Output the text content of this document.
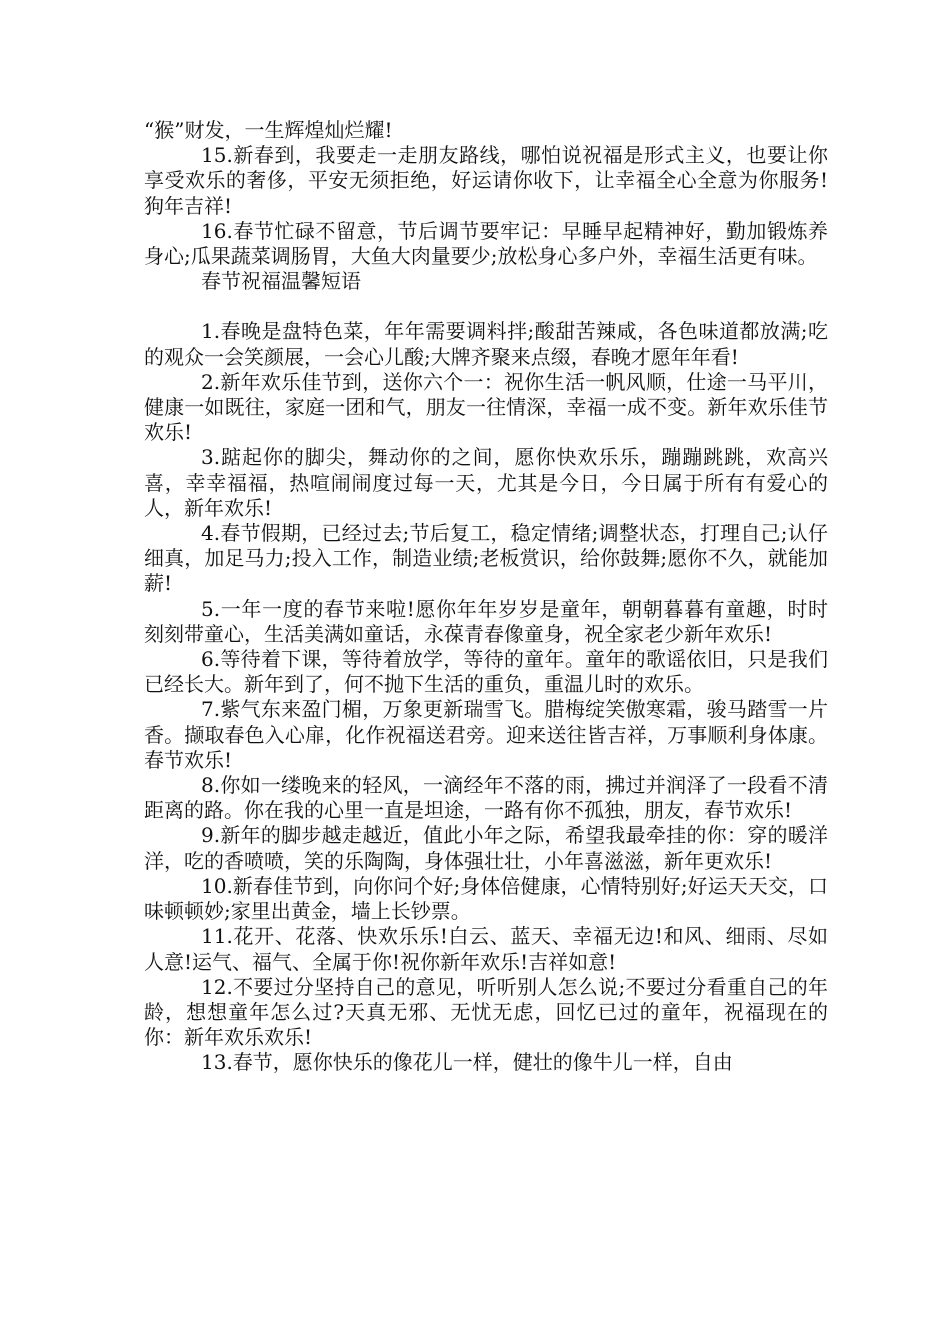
“猴”财发，一生辉煌灿烂耀!

15.新春到，我要走一走朋友路线，哪怕说祝福是形式主义，也要让你享受欢乐的奢侈，平安无须拒绝，好运请你收下，让幸福全心全意为你服务!狗年吉祥!

16.春节忙碌不留意，节后调节要牢记：早睡早起精神好，勤加锻炼养身心;瓜果蔬菜调肠胃，大鱼大肉量要少;放松身心多户外，幸福生活更有味。

春节祝福温馨短语

1.春晚是盘特色菜，年年需要调料拌;酸甜苦辣咸，各色味道都放满;吃的观众一会笑颜展，一会心儿酸;大牌齐聚来点缀，春晚才愿年年看!

2.新年欢乐佳节到，送你六个一：祝你生活一帆风顺，仕途一马平川，健康一如既往，家庭一团和气，朋友一往情深，幸福一成不变。新年欢乐佳节欢乐!

3.踮起你的脚尖，舞动你的之间，愿你快欢乐乐，蹦蹦跳跳，欢高兴喜，幸幸福福，热喧闹闹度过每一天，尤其是今日，今日属于所有有爱心的人，新年欢乐!

4.春节假期，已经过去;节后复工，稳定情绪;调整状态，打理自己;认仔细真，加足马力;投入工作，制造业绩;老板赏识，给你鼓舞;愿你不久，就能加薪!

5.一年一度的春节来啦!愿你年年岁岁是童年，朝朝暮暮有童趣，时时刻刻带童心，生活美满如童话，永葆青春像童身，祝全家老少新年欢乐!

6.等待着下课，等待着放学，等待的童年。童年的歌谣依旧，只是我们已经长大。新年到了，何不抛下生活的重负，重温儿时的欢乐。

7.紫气东来盈门楣，万象更新瑞雪飞。腊梅绽笑傲寒霜，骏马踏雪一片香。撷取春色入心扉，化作祝福送君旁。迎来送往皆吉祥，万事顺利身体康。春节欢乐!

8.你如一缕晚来的轻风，一滴经年不落的雨，拂过并润泽了一段看不清距离的路。你在我的心里一直是坦途，一路有你不孤独，朋友，春节欢乐!

9.新年的脚步越走越近，值此小年之际，希望我最牵挂的你：穿的暖洋洋，吃的香喷喷，笑的乐陶陶，身体强壮壮，小年喜滋滋，新年更欢乐!

10.新春佳节到，向你问个好;身体倍健康，心情特别好;好运天天交，口味顿顿妙;家里出黄金，墙上长钞票。

11.花开、花落、快欢乐乐!白云、蓝天、幸福无边!和风、细雨、尽如人意!运气、福气、全属于你!祝你新年欢乐!吉祥如意!

12.不要过分坚持自己的意见，听听别人怎么说;不要过分看重自己的年龄，想想童年怎么过?天真无邪、无忧无虑，回忆已过的童年，祝福现在的你：新年欢乐欢乐!

13.春节，愿你快乐的像花儿一样，健壮的像牛儿一样，自由
